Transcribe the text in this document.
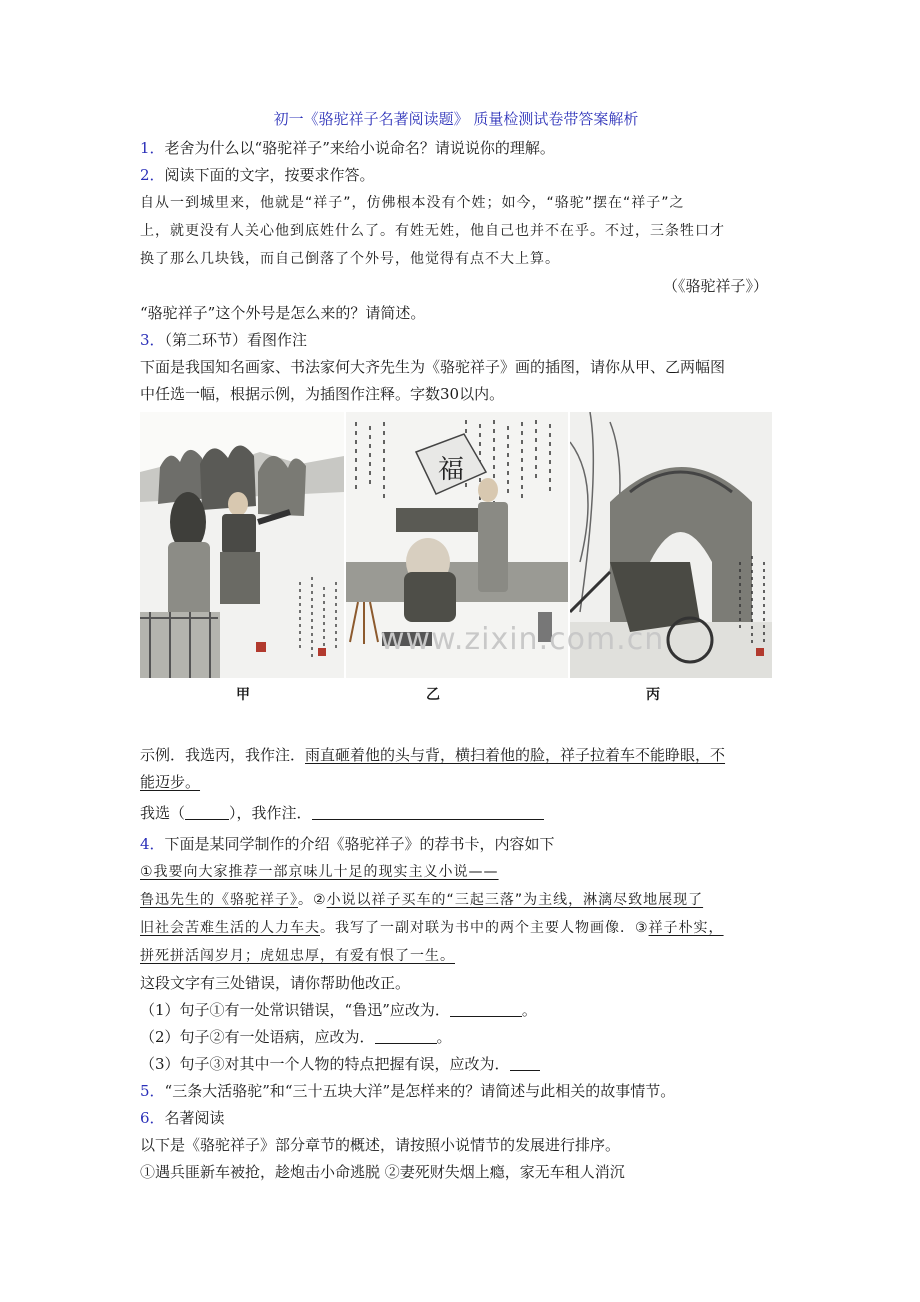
初一《骆驼祥子名著阅读题》 质量检测试卷带答案解析
1．老舍为什么以“骆驼祥子”来给小说命名？请说说你的理解。
2．阅读下面的文字，按要求作答。
自从一到城里来，他就是“祥子”，仿佛根本没有个姓；如今，“骆驼”摆在“祥子”之
上，就更没有人关心他到底姓什么了。有姓无姓，他自己也并不在乎。不过，三条牲口才
换了那么几块钱，而自己倒落了个外号，他觉得有点不大上算。
（《骆驼祥子》）
“骆驼祥子”这个外号是怎么来的？请简述。
3．（第二环节）看图作注
下面是我国知名画家、书法家何大齐先生为《骆驼祥子》画的插图，请你从甲、乙两幅图
中任选一幅，根据示例，为插图作注释。字数30以内。
福
甲	乙	丙
www.zixin.com.cn
示例．我选丙，我作注．雨直砸着他的头与背，横扫着他的脸，祥子拉着车不能睁眼，不
能迈步。
我选（	），我作注．
4．下面是某同学制作的介绍《骆驼祥子》的荐书卡，内容如下
①我要向大家推荐一部京味儿十足的现实主义小说——
鲁迅先生的《骆驼祥子》。②小说以祥子买车的“三起三落”为主线，淋漓尽致地展现了
旧社会苦难生活的人力车夫。我写了一副对联为书中的两个主要人物画像．③祥子朴实，
拼死拼活闯岁月；虎妞忠厚，有爱有恨了一生。
这段文字有三处错误，请你帮助他改正。
（1）句子①有一处常识错误，“鲁迅”应改为．	。
（2）句子②有一处语病，应改为．	。
（3）句子③对其中一个人物的特点把握有误，应改为．
5．“三条大活骆驼”和“三十五块大洋”是怎样来的？请简述与此相关的故事情节。
6．名著阅读
以下是《骆驼祥子》部分章节的概述，请按照小说情节的发展进行排序。
①遇兵匪新车被抢，趁炮击小命逃脱 ②妻死财失烟上瘾，家无车租人消沉
